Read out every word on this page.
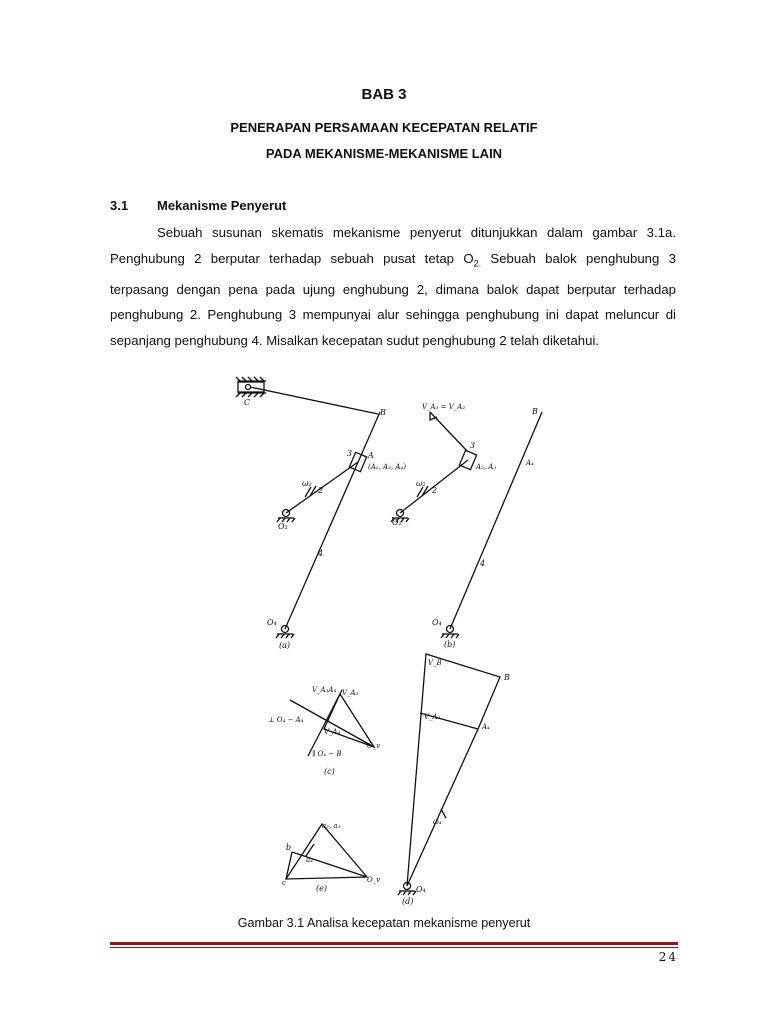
BAB 3
PENERAPAN PERSAMAAN KECEPATAN RELATIF
PADA MEKANISME-MEKANISME LAIN
3.1 Mekanisme Penyerut

Sebuah susunan skematis mekanisme penyerut ditunjukkan dalam gambar 3.1a. Penghubung 2 berputar terhadap sebuah pusat tetap $O_{2.}$ Sebuah balok penghubung 3 terpasang dengan pena pada ujung enghubung 2, dimana balok dapat berputar terhadap penghubung 2. Penghubung 3 mempunyai alur sehingga penghubung ini dapat meluncur di sepanjang penghubung 4. Misalkan kecepatan sudut penghubung 2 telah diketahui.

C
B
3 A
(A₂, A₃, A₄)
ω₂
2
O₂
4
O₄
(a)
V_A₃ = V_A₂	B
3
A₂, A₃	A₄
ω₂
2
O₂
4
O₄
(b)
V_A₃A₄ V_A₃
⊥ O₄ − A₄
V_A₄
O_v
∥ O₄ − B
(c)
V_B
B
V_A₄
A₄
ω₄
O₄
(d)
a₂, a₃
b
a₄
c	O_v
(e)
Gambar 3.1 Analisa kecepatan mekanisme penyerut
24
